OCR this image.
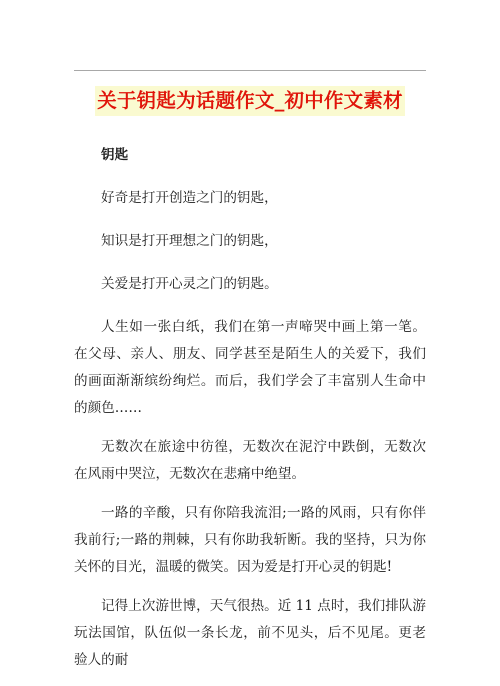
关于钥匙为话题作文_初中作文素材

钥匙

好奇是打开创造之门的钥匙，

知识是打开理想之门的钥匙，

关爱是打开心灵之门的钥匙。

人生如一张白纸，我们在第一声啼哭中画上第一笔。在父母、亲人、朋友、同学甚至是陌生人的关爱下，我们的画面渐渐缤纷绚烂。而后，我们学会了丰富别人生命中的颜色……

无数次在旅途中彷徨，无数次在泥泞中跌倒，无数次在风雨中哭泣，无数次在悲痛中绝望。

一路的辛酸，只有你陪我流泪;一路的风雨，只有你伴我前行;一路的荆棘，只有你助我斩断。我的坚持，只为你关怀的目光，温暖的微笑。因为爱是打开心灵的钥匙!

记得上次游世博，天气很热。近 11 点时，我们排队游玩法国馆，队伍似一条长龙，前不见头，后不见尾。更老验人的耐
